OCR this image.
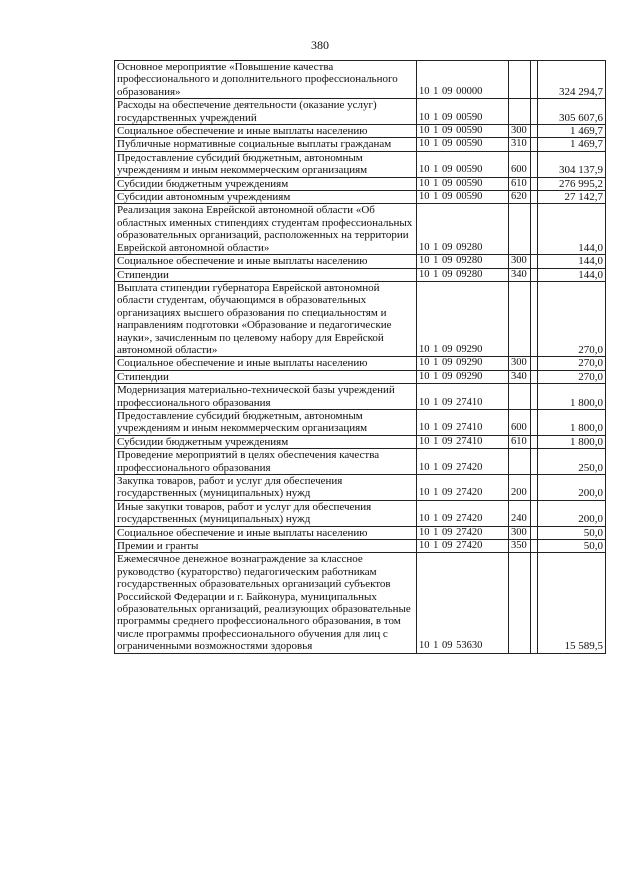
380
Основное мероприятие «Повышение качества профессионального и дополнительного профессионального образования»	10 1 09 00000			324 294,7
Расходы на обеспечение деятельности (оказание услуг) государственных учреждений	10 1 09 00590			305 607,6
Социальное обеспечение и иные выплаты населению	10 1 09 00590	300		1 469,7
Публичные нормативные социальные выплаты гражданам	10 1 09 00590	310		1 469,7
Предоставление субсидий бюджетным, автономным учреждениям и иным некоммерческим организациям	10 1 09 00590	600		304 137,9
Субсидии бюджетным учреждениям	10 1 09 00590	610		276 995,2
Субсидии автономным учреждениям	10 1 09 00590	620		27 142,7
Реализация закона Еврейской автономной области «Об областных именных стипендиях студентам профессиональных образовательных организаций, расположенных на территории Еврейской автономной области»	10 1 09 09280			144,0
Социальное обеспечение и иные выплаты населению	10 1 09 09280	300		144,0
Стипендии	10 1 09 09280	340		144,0
Выплата стипендии губернатора Еврейской автономной области студентам, обучающимся в образовательных организациях высшего образования по специальностям и направлениям подготовки «Образование и педагогические науки», зачисленным по целевому набору для Еврейской автономной области»	10 1 09 09290			270,0
Социальное обеспечение и иные выплаты населению	10 1 09 09290	300		270,0
Стипендии	10 1 09 09290	340		270,0
Модернизация материально-технической базы учреждений профессионального образования	10 1 09 27410			1 800,0
Предоставление субсидий бюджетным, автономным учреждениям и иным некоммерческим организациям	10 1 09 27410	600		1 800,0
Субсидии бюджетным учреждениям	10 1 09 27410	610		1 800,0
Проведение мероприятий в целях обеспечения качества профессионального образования	10 1 09 27420			250,0
Закупка товаров, работ и услуг для обеспечения государственных (муниципальных) нужд	10 1 09 27420	200		200,0
Иные закупки товаров, работ и услуг для обеспечения государственных (муниципальных) нужд	10 1 09 27420	240		200,0
Социальное обеспечение и иные выплаты населению	10 1 09 27420	300		50,0
Премии и гранты	10 1 09 27420	350		50,0
Ежемесячное денежное вознаграждение за классное руководство (кураторство) педагогическим работникам государственных образовательных организаций субъектов Российской Федерации и г. Байконура, муниципальных образовательных организаций, реализующих образовательные программы среднего профессионального образования, в том числе программы профессионального обучения для лиц с ограниченными возможностями здоровья	10 1 09 53630			15 589,5
